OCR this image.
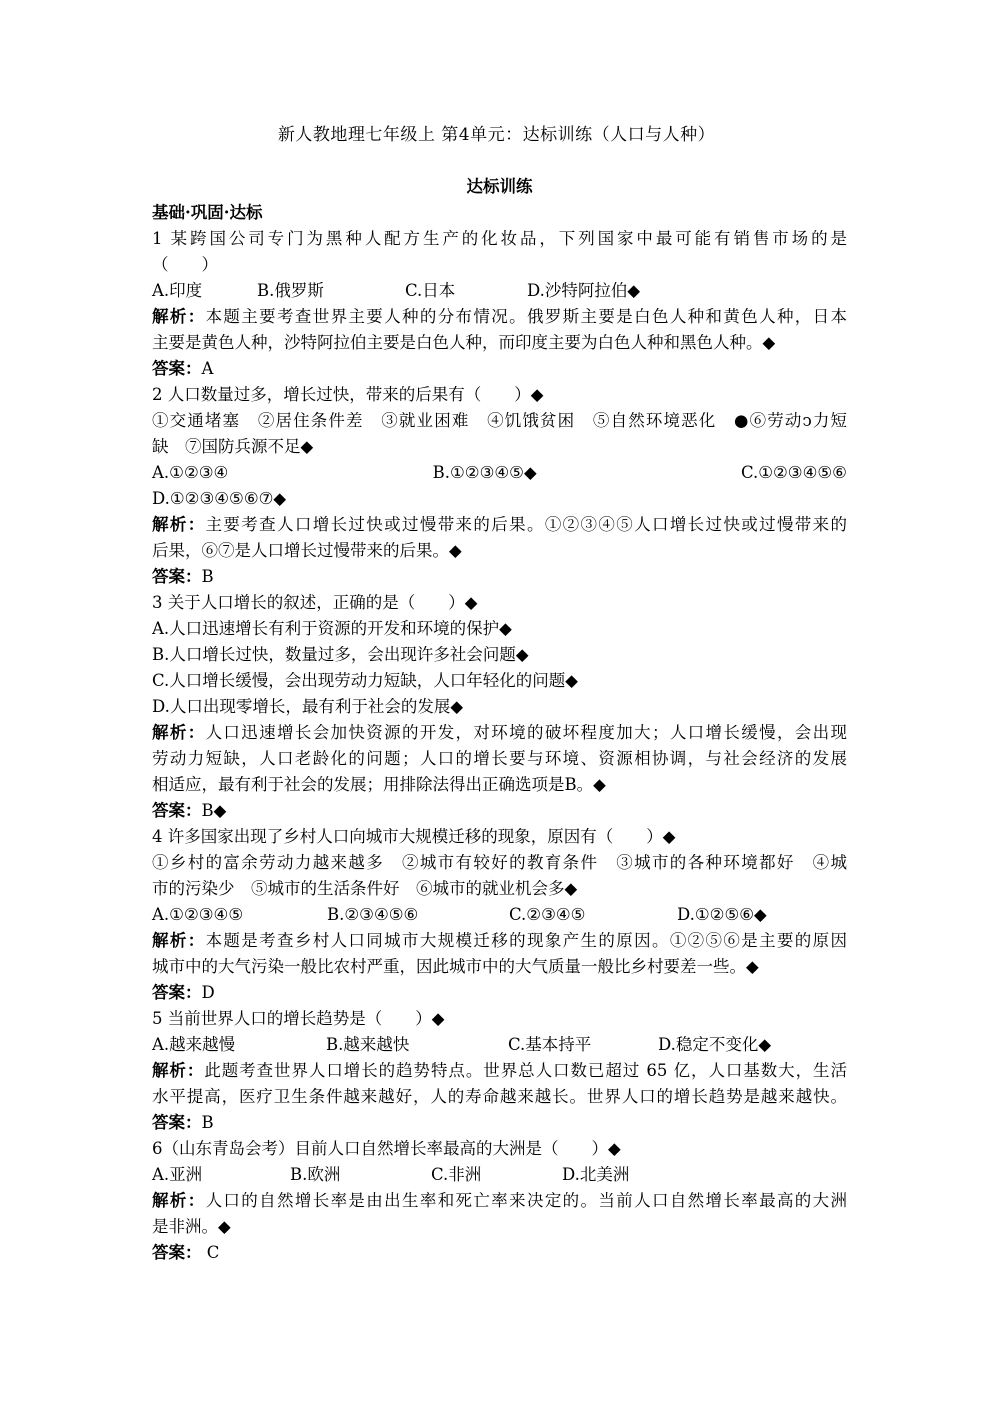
新人教地理七年级上 第4单元：达标训练（人口与人种）
达标训练
基础·巩固·达标
1 某跨国公司专门为黑种人配方生产的化妆品，下列国家中最可能有销售市场的是
（　　）
A.印度	B.俄罗斯	C.日本	D.沙特阿拉伯◆
解析：本题主要考查世界主要人种的分布情况。俄罗斯主要是白色人种和黄色人种，日本
主要是黄色人种，沙特阿拉伯主要是白色人种，而印度主要为白色人种和黑色人种。◆
答案：A
2 人口数量过多，增长过快，带来的后果有（　　）◆
①交通堵塞　②居住条件差　③就业困难　④饥饿贫困　⑤自然环境恶化　●⑥劳动ↄ力短
缺　⑦国防兵源不足◆
A.①②③④	B.①②③④⑤◆	C.①②③④⑤⑥
D.①②③④⑤⑥⑦◆
解析：主要考查人口增长过快或过慢带来的后果。①②③④⑤人口增长过快或过慢带来的
后果，⑥⑦是人口增长过慢带来的后果。◆
答案：B
3 关于人口增长的叙述，正确的是（　　）◆
A.人口迅速增长有利于资源的开发和环境的保护◆
B.人口增长过快，数量过多，会出现许多社会问题◆
C.人口增长缓慢，会出现劳动力短缺，人口年轻化的问题◆
D.人口出现零增长，最有利于社会的发展◆
解析：人口迅速增长会加快资源的开发，对环境的破坏程度加大；人口增长缓慢，会出现
劳动力短缺，人口老龄化的问题；人口的增长要与环境、资源相协调，与社会经济的发展
相适应，最有利于社会的发展；用排除法得出正确选项是B。◆
答案：B◆
4 许多国家出现了乡村人口向城市大规模迁移的现象，原因有（　　）◆
①乡村的富余劳动力越来越多　②城市有较好的教育条件　③城市的各种环境都好　④城
市的污染少　⑤城市的生活条件好　⑥城市的就业机会多◆
A.①②③④⑤	B.②③④⑤⑥	C.②③④⑤	D.①②⑤⑥◆
解析：本题是考查乡村人口同城市大规模迁移的现象产生的原因。①②⑤⑥是主要的原因
城市中的大气污染一般比农村严重，因此城市中的大气质量一般比乡村要差一些。◆
答案：D
5 当前世界人口的增长趋势是（　　）◆
A.越来越慢	B.越来越快	C.基本持平	D.稳定不变化◆
解析：此题考查世界人口增长的趋势特点。世界总人口数已超过 65 亿，人口基数大，生活
水平提高，医疗卫生条件越来越好，人的寿命越来越长。世界人口的增长趋势是越来越快。
答案：B
6（山东青岛会考）目前人口自然增长率最高的大洲是（　　）◆
A.亚洲	B.欧洲	C.非洲	D.北美洲
解析：人口的自然增长率是由出生率和死亡率来决定的。当前人口自然增长率最高的大洲
是非洲。◆
答案： C
